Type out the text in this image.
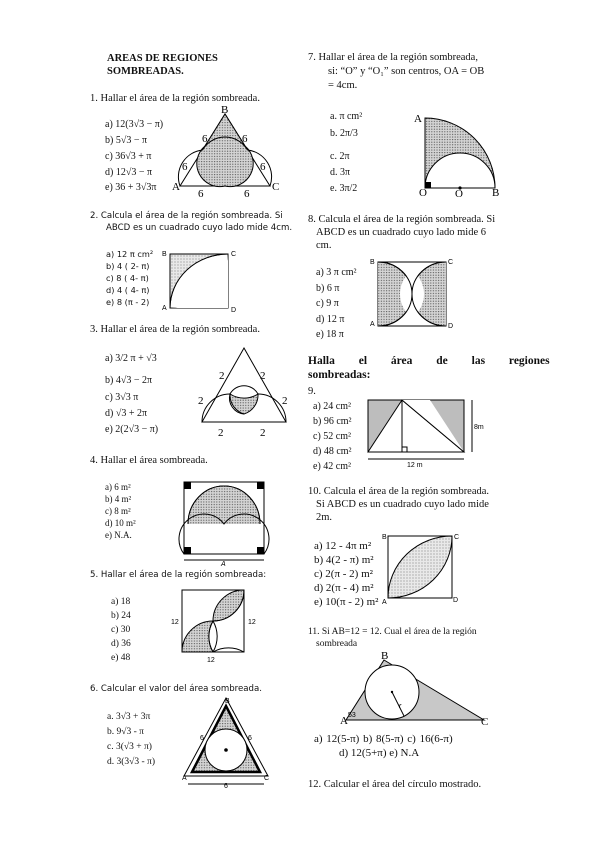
AREAS DE REGIONES
SOMBREADAS.
1. Hallar el área de la región sombreada.
a) 12(3√3 − π)
b) 5√3 − π
c) 36√3 + π
d) 12√3 − π
e) 36 + 3√3π
B
A	C
6	6
6	6
6	6
2. Calcula el área de la región sombreada. Si
ABCD es un cuadrado cuyo lado mide 4cm.
a) 12 π cm²
b) 4 ( 2- π)
c) 8 ( 4- π)
d) 4 ( 4- π)
e) 8 (π - 2)
B	C
A	D
3. Hallar el área de la región sombreada.
a) 3/2 π + √3
b) 4√3 − 2π
c) 3√3 π
d) √3 + 2π
e) 2(2√3 − π)
2	2
2	2
2	2
4. Hallar el área sombreada.
a) 6 m²
b) 4 m²
c) 8 m²
d) 10 m²
e) N.A.
A
5. Hallar el área de la región sombreada:
a) 18
b) 24
c) 30
d) 36
e) 48
12	12
12
6. Calcular el valor del área sombreada.
a. 3√3 + 3π
b. 9√3 - π
c. 3(√3 + π)
d. 3(3√3 - π)
B
A	C
6	6
6
7. Hallar el área de la región sombreada,
si: “O” y “O₁” son centros, OA = OB
= 4cm.
a. π cm²
b. 2π/3
c. 2π
d. 3π
e. 3π/2
A
O	O	B
8. Calcula el área de la región sombreada. Si
ABCD es un cuadrado cuyo lado mide 6
cm.
a) 3 π cm²
b) 6 π
c) 9 π
d) 12 π
e) 18 π
B	C
A	D
Halla el área de las regiones
sombreadas:
9.
a) 24 cm²
b) 96 cm²
c) 52 cm²
d) 48 cm²
e) 42 cm²
8m
12 m
10. Calcula el área de la región sombreada.
Si ABCD es un cuadrado cuyo lado mide
2m.
a) 12 - 4π m²
b) 4(2 - π) m²
c) 2(π - 2) m²
d) 2(π - 4) m²
e) 10(π - 2) m²
B	C
A	D
11. Si AB=12 = 12. Cual el área de la región
sombreada
B
A	C
53
r
a) 12(5-π) b) 8(5-π) c) 16(6-π)
d) 12(5+π) e) N.A
12. Calcular el área del círculo mostrado.
